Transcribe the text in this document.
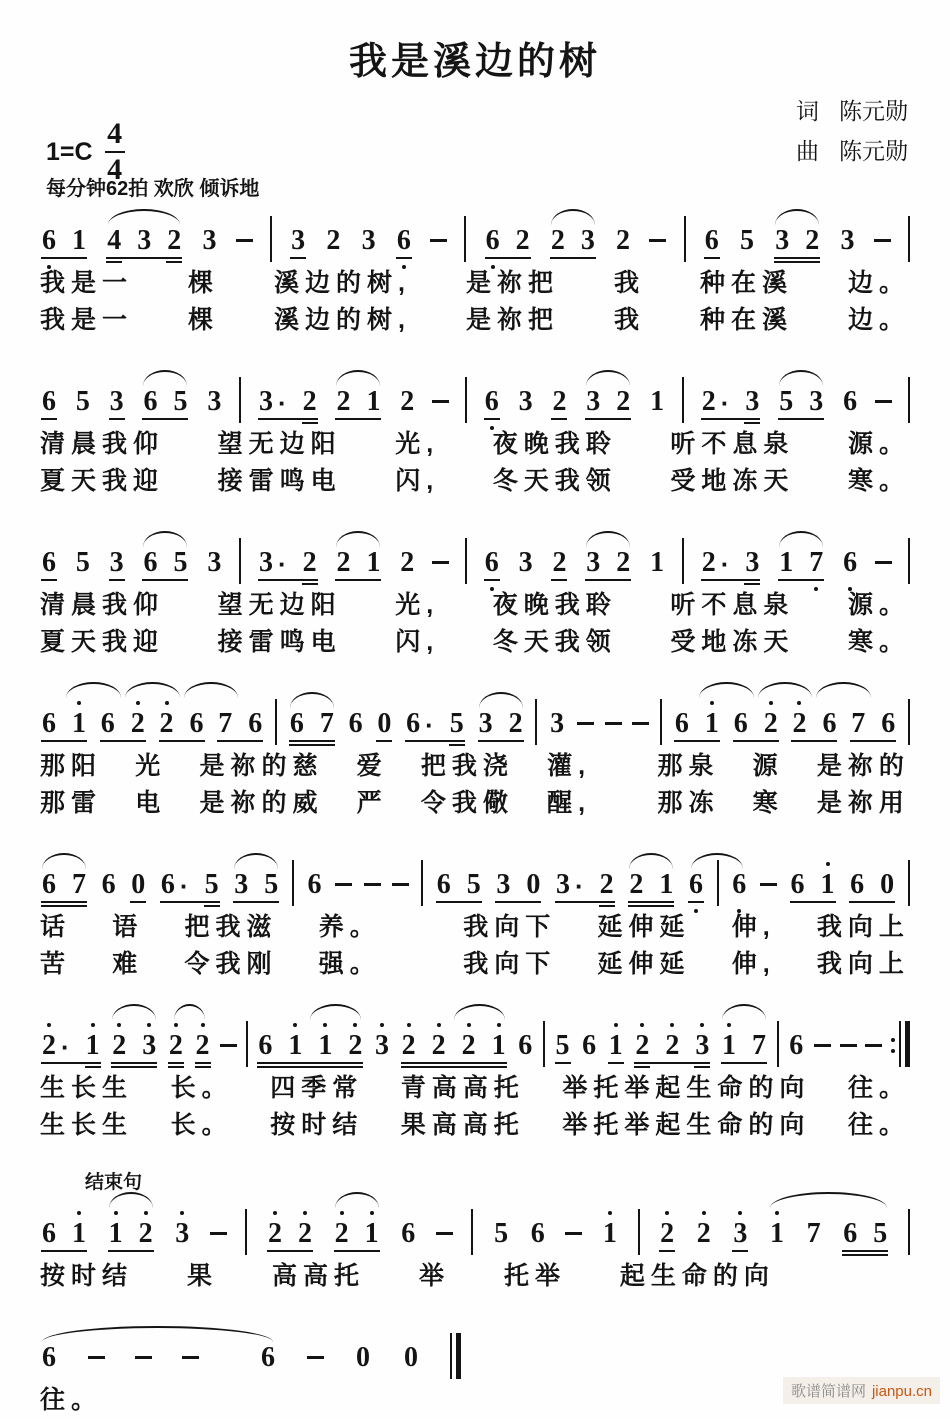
我是溪边的树
$1=C \frac{4}{4}$
词 陈元勋
曲 陈元勋
每分钟62拍 欢欣 倾诉地
6 1 4 3 2 3	3 2 3 6	6 2 2 3 2	6 5 3 2 3
我是一 棵 溪边的树, 是祢把 我 种在溪 边。
我是一 棵 溪边的树, 是祢把 我 种在溪 边。
6 5 3 6 5 3 3 · 2 2 1 2	6 3 2 3 2 1 2 · 3 5 3 6
清晨我仰 望无边阳 光, 夜晚我聆 听不息泉 源。
夏天我迎 接雷鸣电 闪, 冬天我领 受地冻天 寒。
6 5 3 6 5 3 3 · 2 2 1 2	6 3 2 3 2 1 2 · 3 1 7 6
清晨我仰 望无边阳 光, 夜晚我聆 听不息泉 源。
夏天我迎 接雷鸣电 闪, 冬天我领 受地冻天 寒。
6 1 6 2 2 6 7 6 6 7 6 0 6 · 5 3 2 3	6 1 6 2 2 6 7 6
那阳 光 是祢的慈 爱 把我浇 灌,	那泉 源 是祢的
那雷 电 是祢的威 严 令我儆 醒,	那冻 寒 是祢用
6 7 6 0 6 · 5 3 5 6	6 5 3 0 3 · 2 2 1 6 6 6 1 6 0
话 语 把我滋 养。	我向下 延伸延 伸, 我向上
苦 难 令我刚 强。	我向下 延伸延 伸, 我向上
2 · 1 2 3 2 2 6 1 1 2 3 2 2 2 1 6 5 6 1 2 2 3 1 7 6
生长生 长。 四季常 青高高托 举托举起生命的向 往。
生长生 长。 按时结 果高高托 举托举起生命的向 往。
结束句
6 1 1 2 3	2 2 2 1 6	5 6 1 2 2 3 1 7 6 5
按时结 果 高高托 举 托举 起生命的向
6	6	0 0
往。	歌谱简谱网 jianpu.cn
